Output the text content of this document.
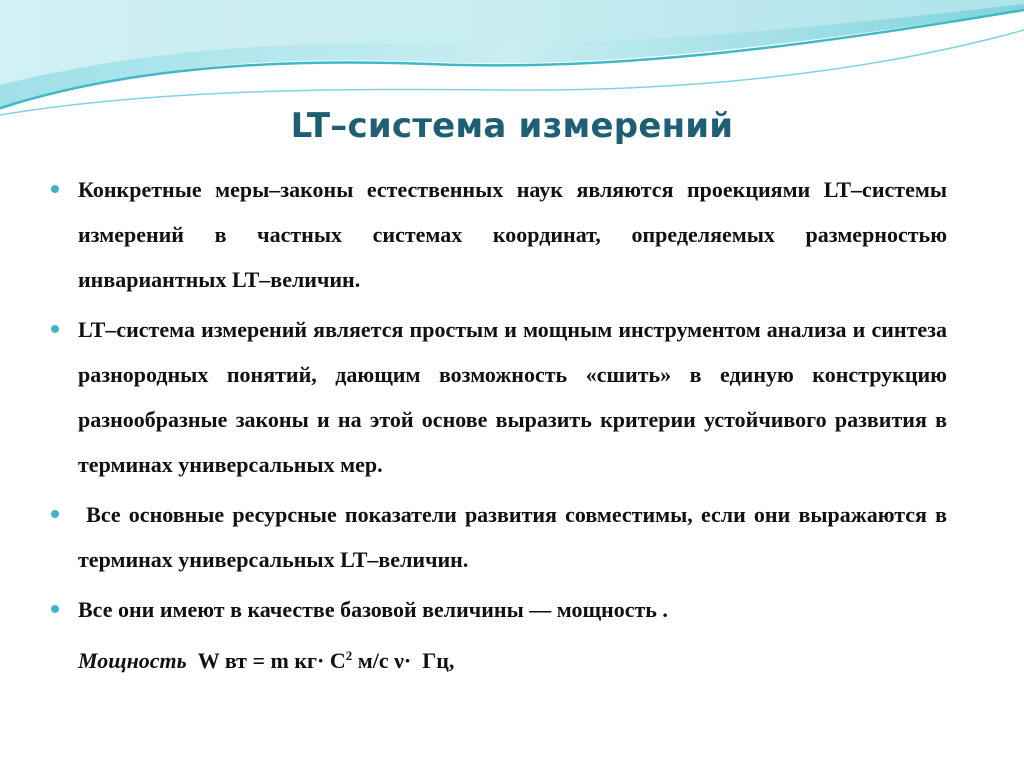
LT–система измерений

Конкретные меры–законы естественных наук являются проекциями LT–системы измерений в частных системах координат, определяемых размерностью инвариантных LT–величин.

LT–система измерений является простым и мощным инструментом анализа и синтеза разнородных понятий, дающим возможность «сшить» в единую конструкцию разнообразные законы и на этой основе выразить критерии устойчивого развития в терминах универсальных мер.

Все основные ресурсные показатели развития совместимы, если они выражаются в терминах универсальных LT–величин.

Все они имеют в качестве базовой величины — мощность .

Мощность  W вт = m $кг\cdot C^2$ м/с ν·  Гц,
